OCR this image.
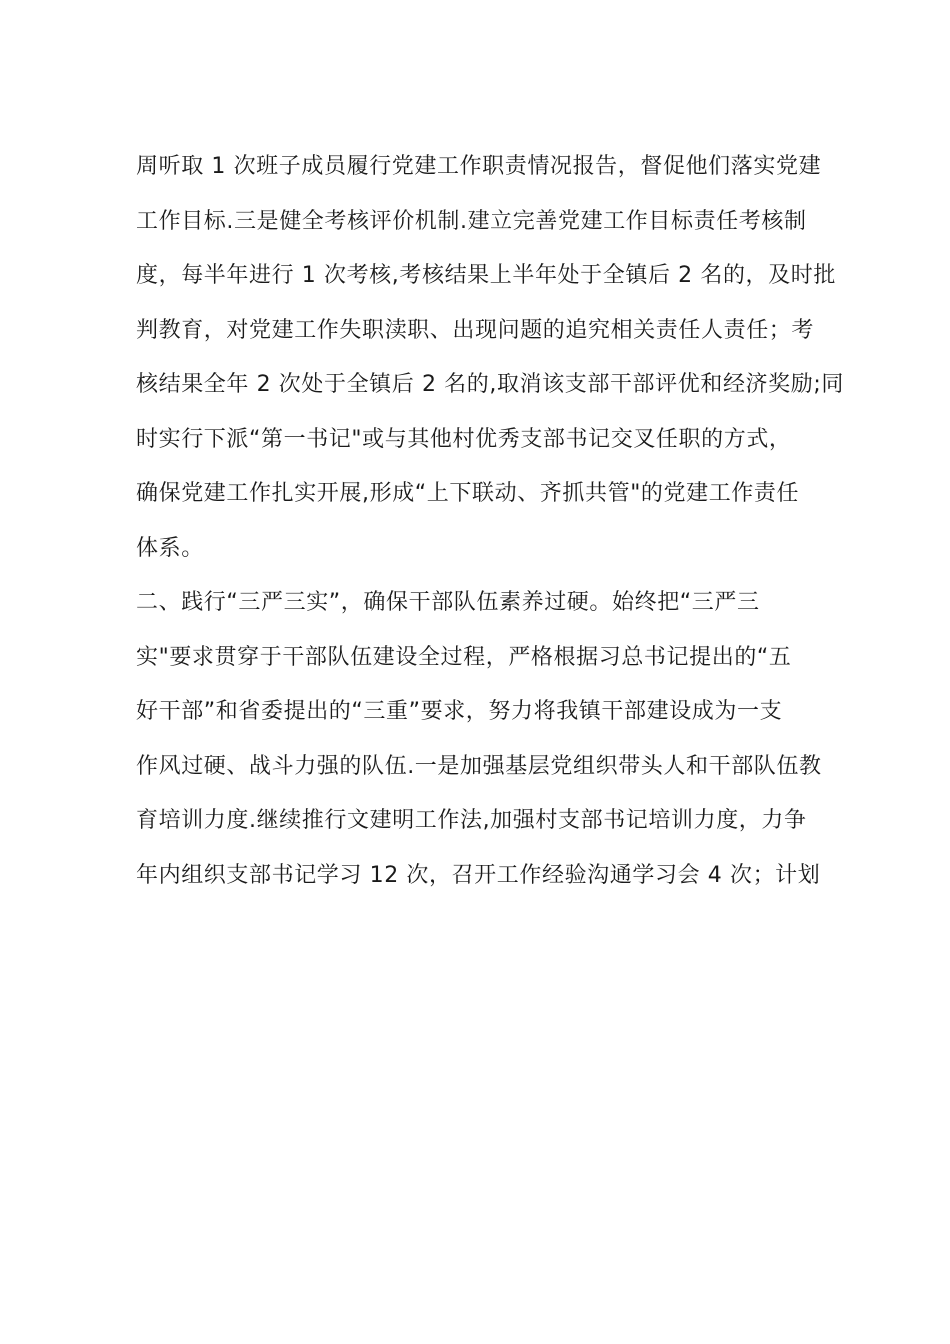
周听取 1 次班子成员履行党建工作职责情况报告，督促他们落实党建
工作目标.三是健全考核评价机制.建立完善党建工作目标责任考核制
度，每半年进行 1 次考核,考核结果上半年处于全镇后 2 名的，及时批
判教育，对党建工作失职渎职、出现问题的追究相关责任人责任；考
核结果全年 2 次处于全镇后 2 名的,取消该支部干部评优和经济奖励;同
时实行下派“第一书记"或与其他村优秀支部书记交叉任职的方式，
确保党建工作扎实开展,形成“上下联动、齐抓共管"的党建工作责任
体系。
二、践行“三严三实”，确保干部队伍素养过硬。始终把“三严三
实"要求贯穿于干部队伍建设全过程，严格根据习总书记提出的“五
好干部”和省委提出的“三重”要求，努力将我镇干部建设成为一支
作风过硬、战斗力强的队伍.一是加强基层党组织带头人和干部队伍教
育培训力度.继续推行文建明工作法,加强村支部书记培训力度，力争
年内组织支部书记学习 12 次，召开工作经验沟通学习会 4 次；计划
